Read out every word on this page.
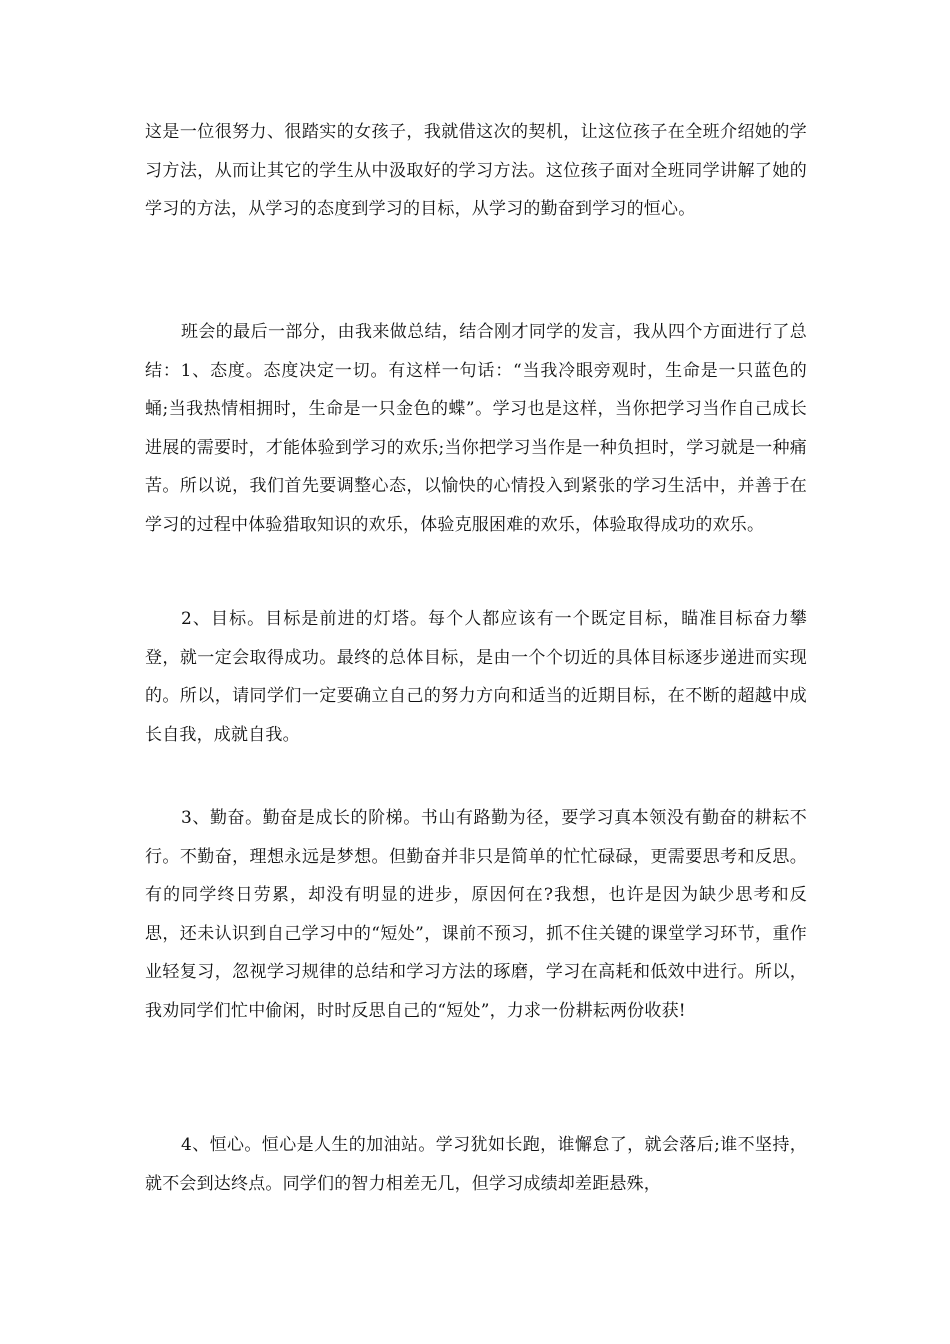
这是一位很努力、很踏实的女孩子，我就借这次的契机，让这位孩子在全班介绍她的学习方法，从而让其它的学生从中汲取好的学习方法。这位孩子面对全班同学讲解了她的学习的方法，从学习的态度到学习的目标，从学习的勤奋到学习的恒心。

班会的最后一部分，由我来做总结，结合刚才同学的发言，我从四个方面进行了总结：1、态度。态度决定一切。有这样一句话：“当我冷眼旁观时，生命是一只蓝色的蛹;当我热情相拥时，生命是一只金色的蝶”。学习也是这样，当你把学习当作自己成长进展的需要时，才能体验到学习的欢乐;当你把学习当作是一种负担时，学习就是一种痛苦。所以说，我们首先要调整心态，以愉快的心情投入到紧张的学习生活中，并善于在学习的过程中体验猎取知识的欢乐，体验克服困难的欢乐，体验取得成功的欢乐。

2、目标。目标是前进的灯塔。每个人都应该有一个既定目标，瞄准目标奋力攀登，就一定会取得成功。最终的总体目标，是由一个个切近的具体目标逐步递进而实现的。所以，请同学们一定要确立自己的努力方向和适当的近期目标，在不断的超越中成长自我，成就自我。

3、勤奋。勤奋是成长的阶梯。书山有路勤为径，要学习真本领没有勤奋的耕耘不行。不勤奋，理想永远是梦想。但勤奋并非只是简单的忙忙碌碌，更需要思考和反思。有的同学终日劳累，却没有明显的进步，原因何在?我想，也许是因为缺少思考和反思，还未认识到自己学习中的“短处”，课前不预习，抓不住关键的课堂学习环节，重作业轻复习，忽视学习规律的总结和学习方法的琢磨，学习在高耗和低效中进行。所以，我劝同学们忙中偷闲，时时反思自己的“短处”，力求一份耕耘两份收获!

4、恒心。恒心是人生的加油站。学习犹如长跑，谁懈怠了，就会落后;谁不坚持，就不会到达终点。同学们的智力相差无几，但学习成绩却差距悬殊，
